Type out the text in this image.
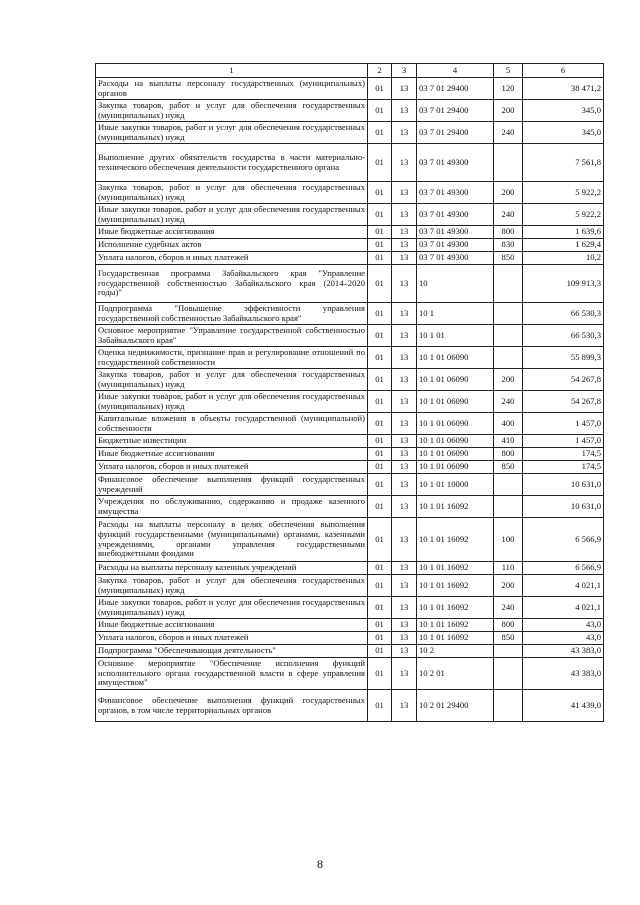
1	2	3	4	5	6
Расходы на выплаты персоналу государственных (муниципальных) органов	01	13	03 7 01 29400	120	38 471,2
Закупка товаров, работ и услуг для обеспечения государственных (муниципальных) нужд	01	13	03 7 01 29400	200	345,0
Иные закупки товаров, работ и услуг для обеспечения государственных (муниципальных) нужд	01	13	03 7 01 29400	240	345,0
Выполнение других обязательств государства в части материально-технического обеспечения деятельности государственного органа	01	13	03 7 01 49300		7 561,8
Закупка товаров, работ и услуг для обеспечения государственных (муниципальных) нужд	01	13	03 7 01 49300	200	5 922,2
Иные закупки товаров, работ и услуг для обеспечения государственных (муниципальных) нужд	01	13	03 7 01 49300	240	5 922,2
Иные бюджетные ассигнования	01	13	03 7 01 49300	800	1 639,6
Исполнение судебных актов	01	13	03 7 01 49300	830	1 629,4
Уплата налогов, сборов и иных платежей	01	13	03 7 01 49300	850	10,2
Государственная программа Забайкальского края "Управление государственной собственностью Забайкальского края (2014–2020 годы)"	01	13	10		109 913,3
Подпрограмма "Повышение эффективности управления государственной собственностью Забайкальского края"	01	13	10 1		66 530,3
Основное мероприятие "Управление государственной собственностью Забайкальского края"	01	13	10 1 01		66 530,3
Оценка недвижимости, признание прав и регулирование отношений по государственной собственности	01	13	10 1 01 06090		55 899,3
Закупка товаров, работ и услуг для обеспечения государственных (муниципальных) нужд	01	13	10 1 01 06090	200	54 267,8
Иные закупки товаров, работ и услуг для обеспечения государственных (муниципальных) нужд	01	13	10 1 01 06090	240	54 267,8
Капитальные вложения в объекты государственной (муниципальной) собственности	01	13	10 1 01 06090	400	1 457,0
Бюджетные инвестиции	01	13	10 1 01 06090	410	1 457,0
Иные бюджетные ассигнования	01	13	10 1 01 06090	800	174,5
Уплата налогов, сборов и иных платежей	01	13	10 1 01 06090	850	174,5
Финансовое обеспечение выполнения функций государственных учреждений	01	13	10 1 01 10000		10 631,0
Учреждения по обслуживанию, содержанию и продаже казенного имущества	01	13	10 1 01 16092		10 631,0
Расходы на выплаты персоналу в целях обеспечения выполнения функций государственными (муниципальными) органами, казенными учреждениями, органами управления государственными внебюджетными фондами	01	13	10 1 01 16092	100	6 566,9
Расходы на выплаты персоналу казенных учреждений	01	13	10 1 01 16092	110	6 566,9
Закупка товаров, работ и услуг для обеспечения государственных (муниципальных) нужд	01	13	10 1 01 16092	200	4 021,1
Иные закупки товаров, работ и услуг для обеспечения государственных (муниципальных) нужд	01	13	10 1 01 16092	240	4 021,1
Иные бюджетные ассигнования	01	13	10 1 01 16092	800	43,0
Уплата налогов, сборов и иных платежей	01	13	10 1 01 16092	850	43,0
Подпрограмма "Обеспечивающая деятельность"	01	13	10 2		43 383,0
Основное мероприятие "Обеспечение исполнения функций исполнительного органа государственной власти в сфере управления имуществом"	01	13	10 2 01		43 383,0
Финансовое обеспечение выполнения функций государственных органов, в том числе территориальных органов	01	13	10 2 01 29400		41 439,0
8
